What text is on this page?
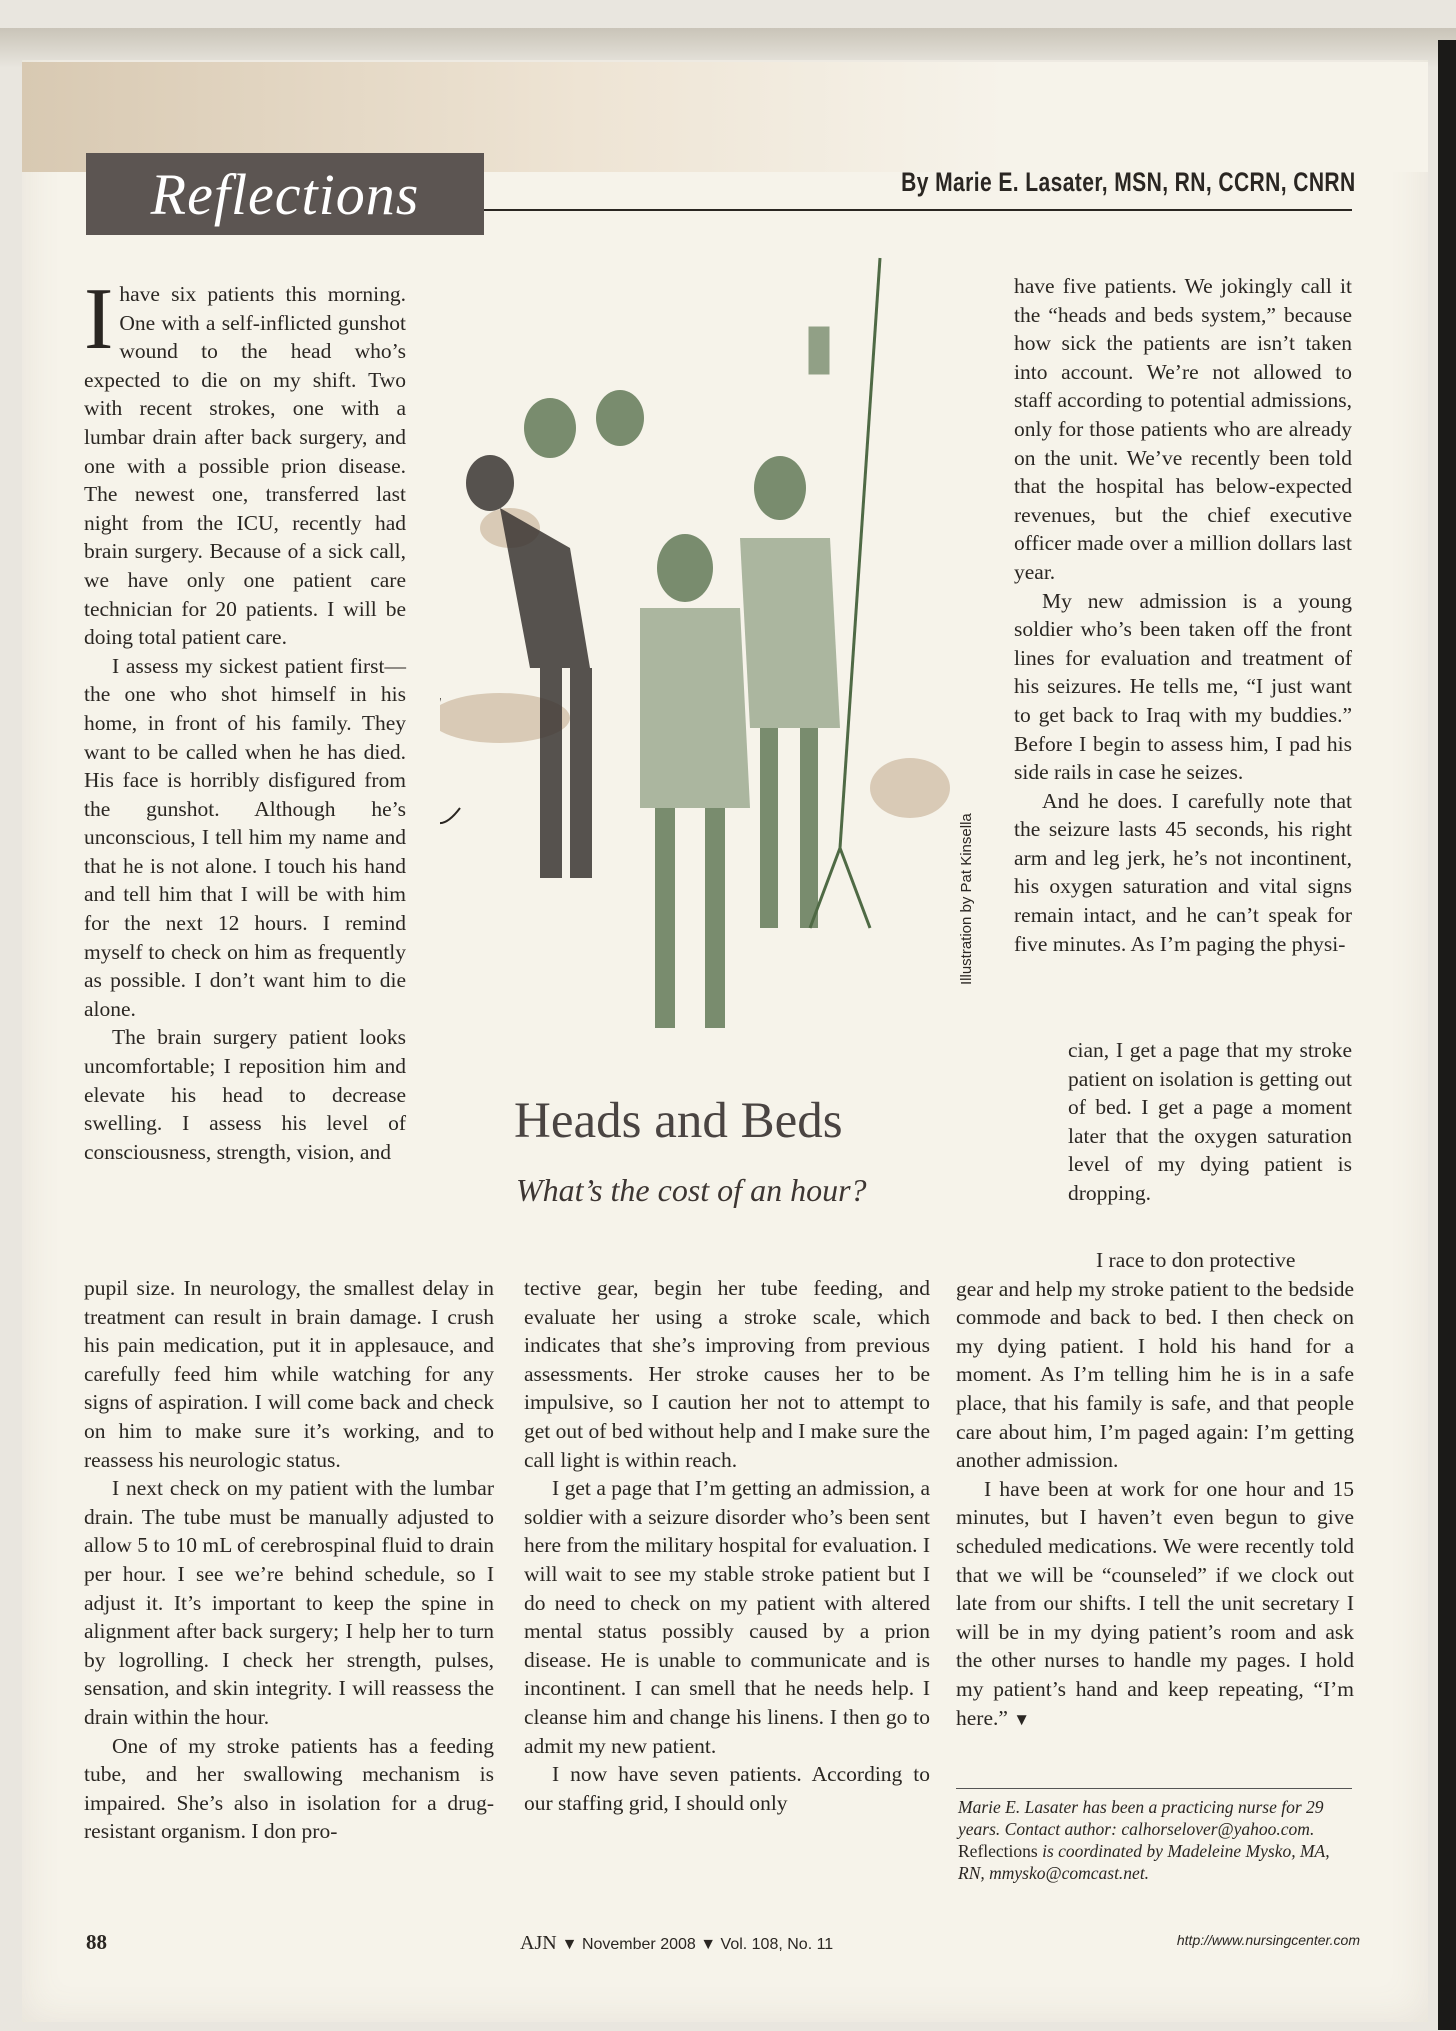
Reflections	By Marie E. Lasater, MSN, RN, CCRN, CNRN
Illustration by Pat Kinsella
Heads and Beds
What’s the cost of an hour?

Ihave six patients this morning. One with a self-inflicted gunshot wound to the head who’s expected to die on my shift. Two with recent strokes, one with a lumbar drain after back surgery, and one with a possible prion disease. The newest one, transferred last night from the ICU, recently had brain surgery. Because of a sick call, we have only one patient care technician for 20 patients. I will be doing total patient care.

I assess my sickest patient first—the one who shot himself in his home, in front of his family. They want to be called when he has died. His face is horribly disfigured from the gunshot. Although he’s unconscious, I tell him my name and that he is not alone. I touch his hand and tell him that I will be with him for the next 12 hours. I remind myself to check on him as frequently as possible. I don’t want him to die alone.

The brain surgery patient looks uncomfortable; I reposition him and elevate his head to decrease swelling. I assess his level of consciousness, strength, vision, and

pupil size. In neurology, the smallest delay in treatment can result in brain damage. I crush his pain medication, put it in applesauce, and carefully feed him while watching for any signs of aspiration. I will come back and check on him to make sure it’s working, and to reassess his neurologic status.

I next check on my patient with the lumbar drain. The tube must be manually adjusted to allow 5 to 10 mL of cerebrospinal fluid to drain per hour. I see we’re behind schedule, so I adjust it. It’s important to keep the spine in alignment after back surgery; I help her to turn by logrolling. I check her strength, pulses, sensation, and skin integrity. I will reassess the drain within the hour.

One of my stroke patients has a feeding tube, and her swallowing mechanism is impaired. She’s also in isolation for a drug-resistant organism. I don pro-

tective gear, begin her tube feeding, and evaluate her using a stroke scale, which indicates that she’s improving from previous assessments. Her stroke causes her to be impulsive, so I caution her not to attempt to get out of bed without help and I make sure the call light is within reach.

I get a page that I’m getting an admission, a soldier with a seizure disorder who’s been sent here from the military hospital for evaluation. I will wait to see my stable stroke patient but I do need to check on my patient with altered mental status possibly caused by a prion disease. He is unable to communicate and is incontinent. I can smell that he needs help. I cleanse him and change his linens. I then go to admit my new patient.

I now have seven patients. According to our staffing grid, I should only

have five patients. We jokingly call it the “heads and beds system,” because how sick the patients are isn’t taken into account. We’re not allowed to staff according to potential admissions, only for those patients who are already on the unit. We’ve recently been told that the hospital has below-expected revenues, but the chief executive officer made over a million dollars last year.

My new admission is a young soldier who’s been taken off the front lines for evaluation and treatment of his seizures. He tells me, “I just want to get back to Iraq with my buddies.” Before I begin to assess him, I pad his side rails in case he seizes.

And he does. I carefully note that the seizure lasts 45 seconds, his right arm and leg jerk, he’s not incontinent, his oxygen saturation and vital signs remain intact, and he can’t speak for five minutes. As I’m paging the physi-

cian, I get a page that my stroke patient on isolation is getting out of bed. I get a page a moment later that the oxygen saturation level of my dying patient is dropping.

I race to don protective

gear and help my stroke patient to the bedside commode and back to bed. I then check on my dying patient. I hold his hand for a moment. As I’m telling him he is in a safe place, that his family is safe, and that people care about him, I’m paged again: I’m getting another admission.

I have been at work for one hour and 15 minutes, but I haven’t even begun to give scheduled medications. We were recently told that we will be “counseled” if we clock out late from our shifts. I tell the unit secretary I will be in my dying patient’s room and ask the other nurses to handle my pages. I hold my patient’s hand and keep repeating, “I’m here.” ▼

Marie E. Lasater has been a practicing nurse for 29 years. Contact author: calhorselover@yahoo.com. Reflections is coordinated by Madeleine Mysko, MA, RN, mmysko@comcast.net.
88	AJN ▼ November 2008 ▼ Vol. 108, No. 11	http://www.nursingcenter.com
